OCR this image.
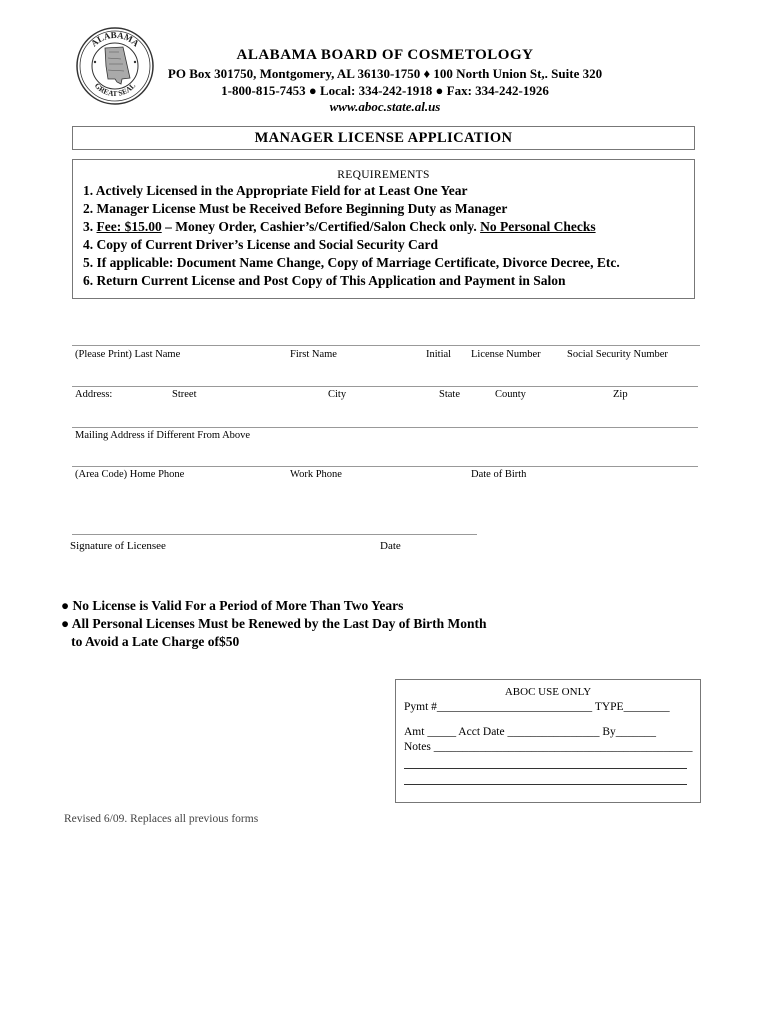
ALABAMA
GREAT SEAL
ALABAMA BOARD OF COSMETOLOGY
PO Box 301750, Montgomery, AL 36130-1750 ♦ 100 North Union St,. Suite 320
1-800-815-7453 ● Local: 334-242-1918 ● Fax: 334-242-1926
www.aboc.state.al.us
MANAGER LICENSE APPLICATION
REQUIREMENTS
1. Actively Licensed in the Appropriate Field for at Least One Year
2. Manager License Must be Received Before Beginning Duty as Manager
3. Fee: $15.00 – Money Order, Cashier’s/Certified/Salon Check only. No Personal Checks
4. Copy of Current Driver’s License and Social Security Card
5. If applicable: Document Name Change, Copy of Marriage Certificate, Divorce Decree, Etc.
6. Return Current License and Post Copy of This Application and Payment in Salon
(Please Print) Last Name	First Name	Initial License Number	Social Security Number
Address:	Street	City	State	County	Zip
Mailing Address if Different From Above
(Area Code) Home Phone	Work Phone	Date of Birth
Signature of Licensee	Date
● No License is Valid For a Period of More Than Two Years
● All Personal Licenses Must be Renewed by the Last Day of Birth Month
to Avoid a Late Charge of$50
ABOC USE ONLY
Pymt #___________________________ TYPE________
Amt _____ Acct Date ________________ By_______
Notes _____________________________________________
Revised 6/09. Replaces all previous forms
